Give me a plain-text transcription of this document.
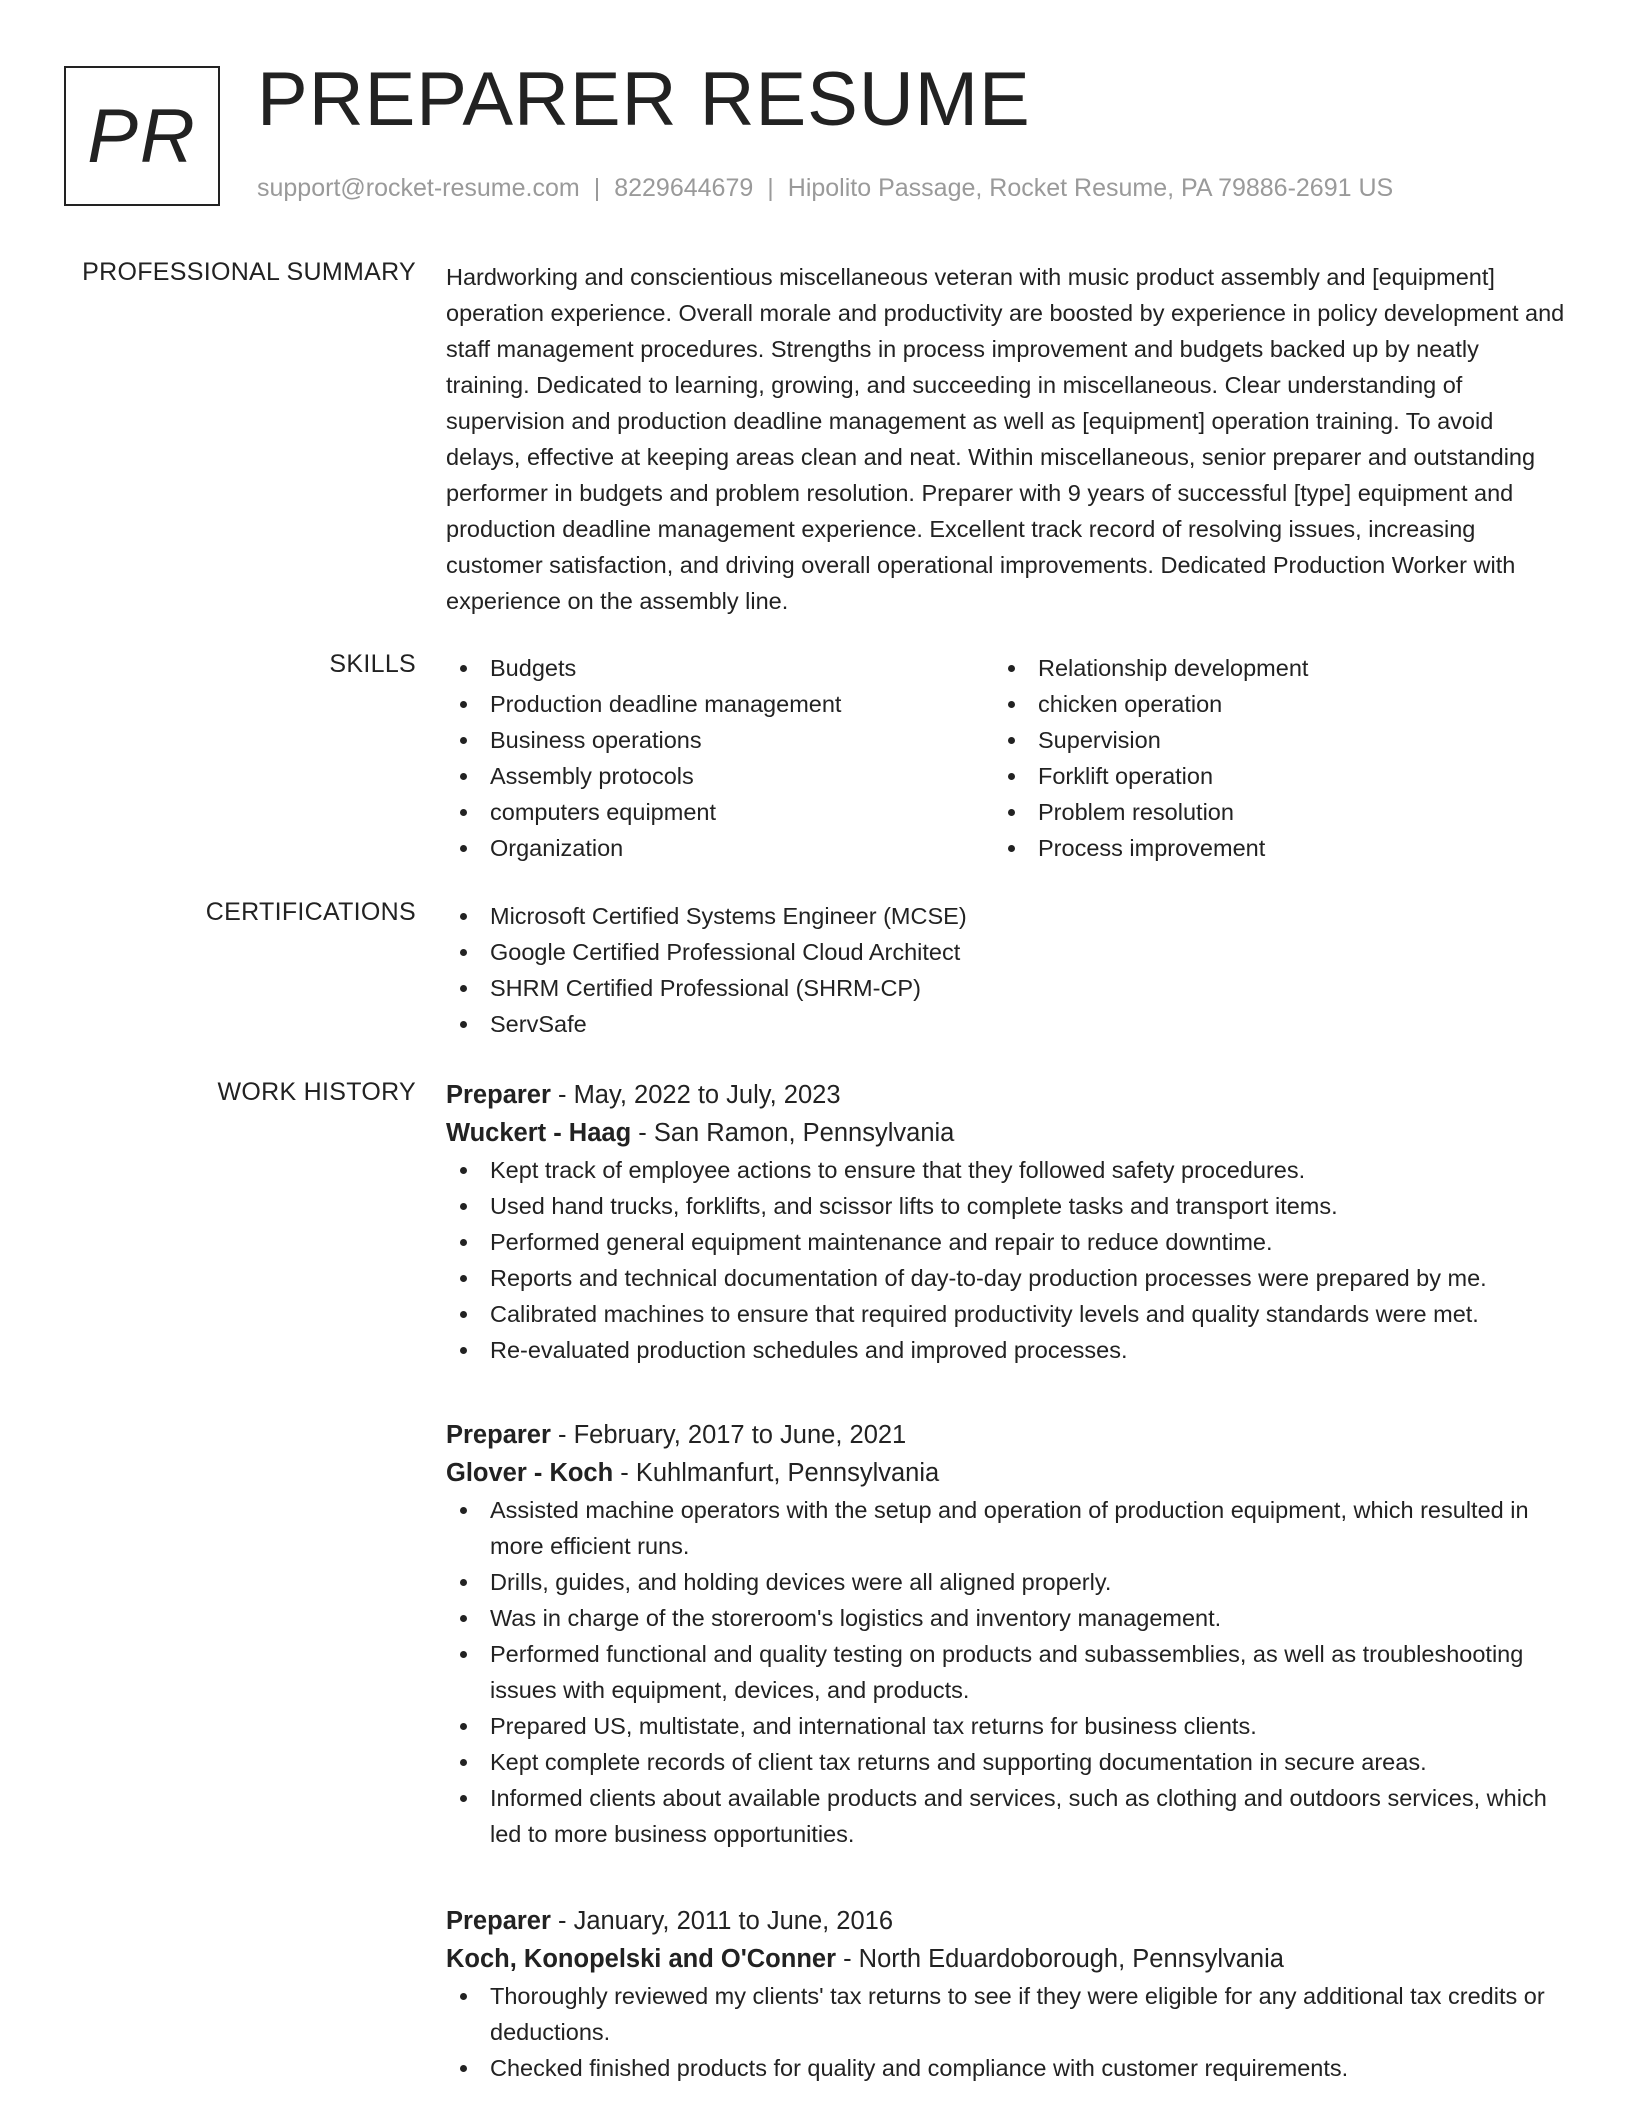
PR PREPARER RESUME
support@rocket-resume.com | 8229644679 | Hipolito Passage, Rocket Resume, PA 79886-2691 US
PROFESSIONAL SUMMARY Hardworking and conscientious miscellaneous veteran with music product assembly and [equipment] operation experience. Overall morale and productivity are boosted by experience in policy development and staff management procedures. Strengths in process improvement and budgets backed up by neatly training. Dedicated to learning, growing, and succeeding in miscellaneous. Clear understanding of supervision and production deadline management as well as [equipment] operation training. To avoid delays, effective at keeping areas clean and neat. Within miscellaneous, senior preparer and outstanding performer in budgets and problem resolution. Preparer with 9 years of successful [type] equipment and production deadline management experience. Excellent track record of resolving issues, increasing customer satisfaction, and driving overall operational improvements. Dedicated Production Worker with experience on the assembly line.

SKILLS	Budgets
Production deadline management
Business operations
Assembly protocols
computers equipment
Organization
Relationship development
chicken operation
Supervision
Forklift operation
Problem resolution
Process improvement
CERTIFICATIONS	Microsoft Certified Systems Engineer (MCSE)
Google Certified Professional Cloud Architect
SHRM Certified Professional (SHRM-CP)
ServSafe
WORK HISTORY Preparer - May, 2022 to July, 2023
Wuckert - Haag - San Ramon, Pennsylvania
Kept track of employee actions to ensure that they followed safety procedures.
Used hand trucks, forklifts, and scissor lifts to complete tasks and transport items.
Performed general equipment maintenance and repair to reduce downtime.
Reports and technical documentation of day-to-day production processes were prepared by me.
Calibrated machines to ensure that required productivity levels and quality standards were met.
Re-evaluated production schedules and improved processes.
Preparer - February, 2017 to June, 2021
Glover - Koch - Kuhlmanfurt, Pennsylvania
Assisted machine operators with the setup and operation of production equipment, which resulted in more efficient runs.
Drills, guides, and holding devices were all aligned properly.
Was in charge of the storeroom's logistics and inventory management.
Performed functional and quality testing on products and subassemblies, as well as troubleshooting issues with equipment, devices, and products.
Prepared US, multistate, and international tax returns for business clients.
Kept complete records of client tax returns and supporting documentation in secure areas.
Informed clients about available products and services, such as clothing and outdoors services, which led to more business opportunities.
Preparer - January, 2011 to June, 2016
Koch, Konopelski and O'Conner - North Eduardoborough, Pennsylvania
Thoroughly reviewed my clients' tax returns to see if they were eligible for any additional tax credits or deductions.
Checked finished products for quality and compliance with customer requirements.
